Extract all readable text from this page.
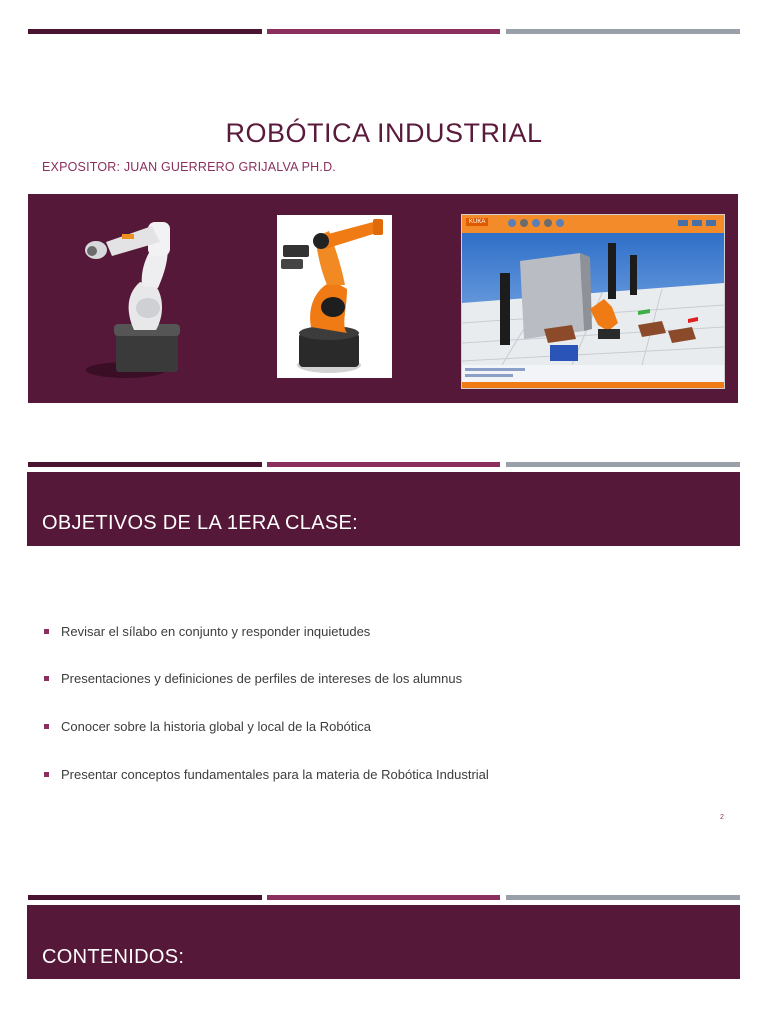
ROBÓTICA INDUSTRIAL
EXPOSITOR: JUAN GUERRERO GRIJALVA PH.D.
KUKA
OBJETIVOS DE LA 1ERA CLASE:
Revisar el sílabo en conjunto y responder inquietudes
Presentaciones y definiciones de perfiles de intereses de los alumnus
Conocer sobre la historia global y local de la Robótica
Presentar conceptos fundamentales para la materia de Robótica Industrial
2
CONTENIDOS:
